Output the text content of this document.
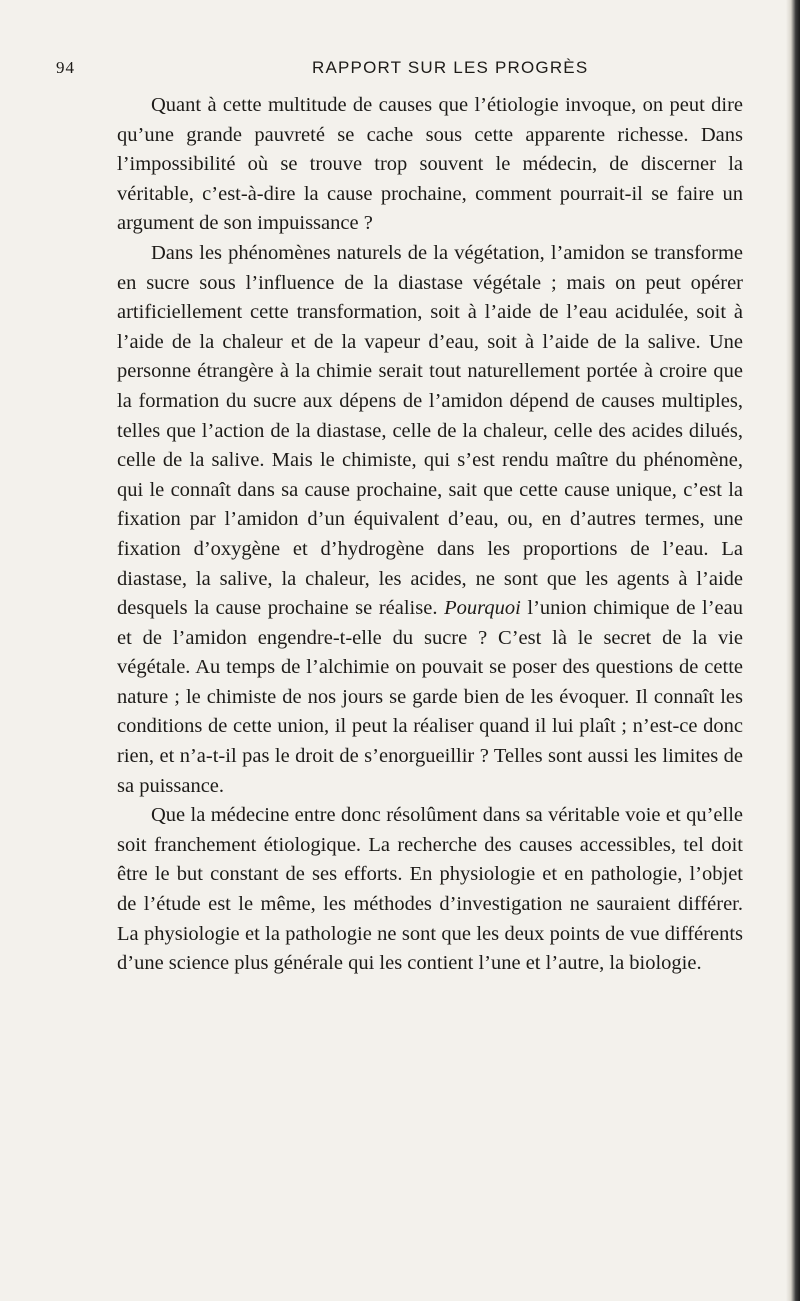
94	RAPPORT SUR LES PROGRÈS

Quant à cette multitude de causes que l’étiologie invoque, on peut dire qu’une grande pauvreté se cache sous cette apparente richesse. Dans l’impossibilité où se trouve trop souvent le médecin, de discerner la véritable, c’est-à-dire la cause prochaine, comment pourrait-il se faire un argument de son impuissance ?

Dans les phénomènes naturels de la végétation, l’amidon se transforme en sucre sous l’influence de la diastase végétale ; mais on peut opérer artificiellement cette transformation, soit à l’aide de l’eau acidulée, soit à l’aide de la chaleur et de la vapeur d’eau, soit à l’aide de la salive. Une personne étrangère à la chimie serait tout naturellement portée à croire que la formation du sucre aux dépens de l’amidon dépend de causes multiples, telles que l’action de la diastase, celle de la chaleur, celle des acides dilués, celle de la salive. Mais le chimiste, qui s’est rendu maître du phénomène, qui le connaît dans sa cause prochaine, sait que cette cause unique, c’est la fixation par l’amidon d’un équivalent d’eau, ou, en d’autres termes, une fixation d’oxygène et d’hydrogène dans les proportions de l’eau. La diastase, la salive, la chaleur, les acides, ne sont que les agents à l’aide desquels la cause prochaine se réalise. Pourquoi l’union chimique de l’eau et de l’amidon engendre-t-elle du sucre ? C’est là le secret de la vie végétale. Au temps de l’alchimie on pouvait se poser des questions de cette nature ; le chimiste de nos jours se garde bien de les évoquer. Il connaît les conditions de cette union, il peut la réaliser quand il lui plaît ; n’est-ce donc rien, et n’a-t-il pas le droit de s’enorgueillir ? Telles sont aussi les limites de sa puissance.

Que la médecine entre donc résolûment dans sa véritable voie et qu’elle soit franchement étiologique. La recherche des causes accessibles, tel doit être le but constant de ses efforts. En physiologie et en pathologie, l’objet de l’étude est le même, les méthodes d’investigation ne sauraient différer. La physiologie et la pathologie ne sont que les deux points de vue différents d’une science plus générale qui les contient l’une et l’autre, la biologie.
